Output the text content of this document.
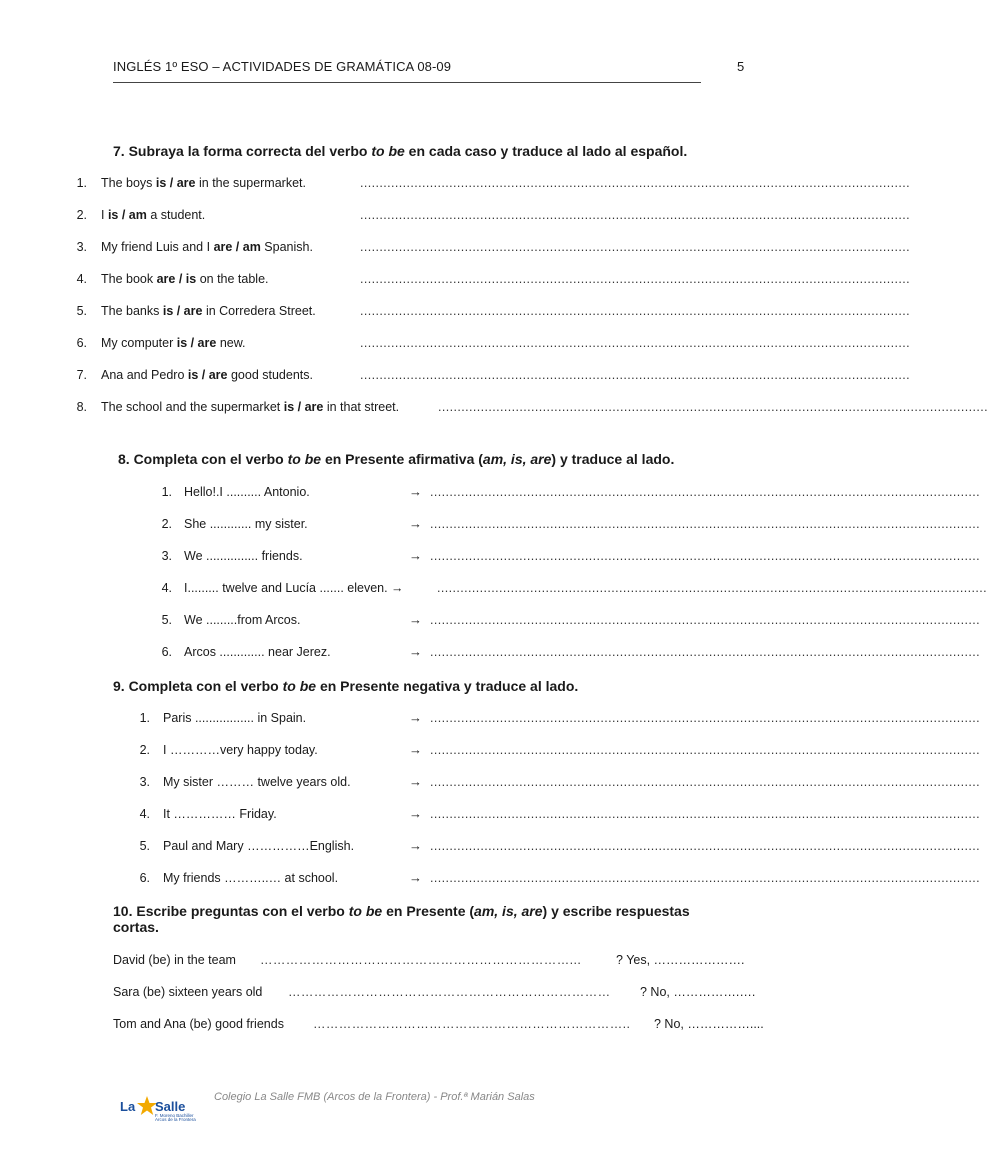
INGLÉS 1º ESO – ACTIVIDADES DE GRAMÁTICA 08-09	5
7. Subraya la forma correcta del verbo to be en cada caso y traduce al lado al español.
1. The boys is / are in the supermarket.	..............................................................................................................................................
2. I is / am a student.	..............................................................................................................................................
3. My friend Luis and I are / am Spanish.	..............................................................................................................................................
4. The book are / is on the table.	..............................................................................................................................................
5. The banks is / are in Corredera Street.	..............................................................................................................................................
6. My computer is / are new.	..............................................................................................................................................
7. Ana and Pedro is / are good students.	..............................................................................................................................................
8. The school and the supermarket is / are in that street.	..............................................................................................................................................
8. Completa con el verbo to be en Presente afirmativa (am, is, are) y traduce al lado.
1. Hello!.I .......... Antonio.	→ ..............................................................................................................................................
2. She ............ my sister.	→ ..............................................................................................................................................
3. We ............... friends.	→ ..............................................................................................................................................
4. I......... twelve and Lucía ....... eleven. →	..............................................................................................................................................
5. We .........from Arcos.	→ ..............................................................................................................................................
6. Arcos ............. near Jerez.	→ ..............................................................................................................................................
9. Completa con el verbo to be en Presente negativa y traduce al lado.
1. Paris ................. in Spain.	→ ..............................................................................................................................................
2. I …………very happy today.	→ ..............................................................................................................................................
3. My sister ……… twelve years old.	→ ..............................................................................................................................................
4. It …………… Friday.	→ ..............................................................................................................................................
5. Paul and Mary ……………English.	→ ..............................................................................................................................................
6. My friends ………..… at school.	→ ..............................................................................................................................................
10. Escribe preguntas con el verbo to be en Presente (am, is, are) y escribe respuestas
cortas.
David (be) in the team ………………………………………………………………...	? Yes, ………………….
Sara (be) sixteen years old …………………………………………………………………	? No, …………….….
Tom and Ana (be) good friends ………………………………………………………………..	? No, ……………....
La Salle
F. Moreno Bachiller
Arcos de la Frontera
Colegio La Salle FMB (Arcos de la Frontera) - Prof.ª Marián Salas
